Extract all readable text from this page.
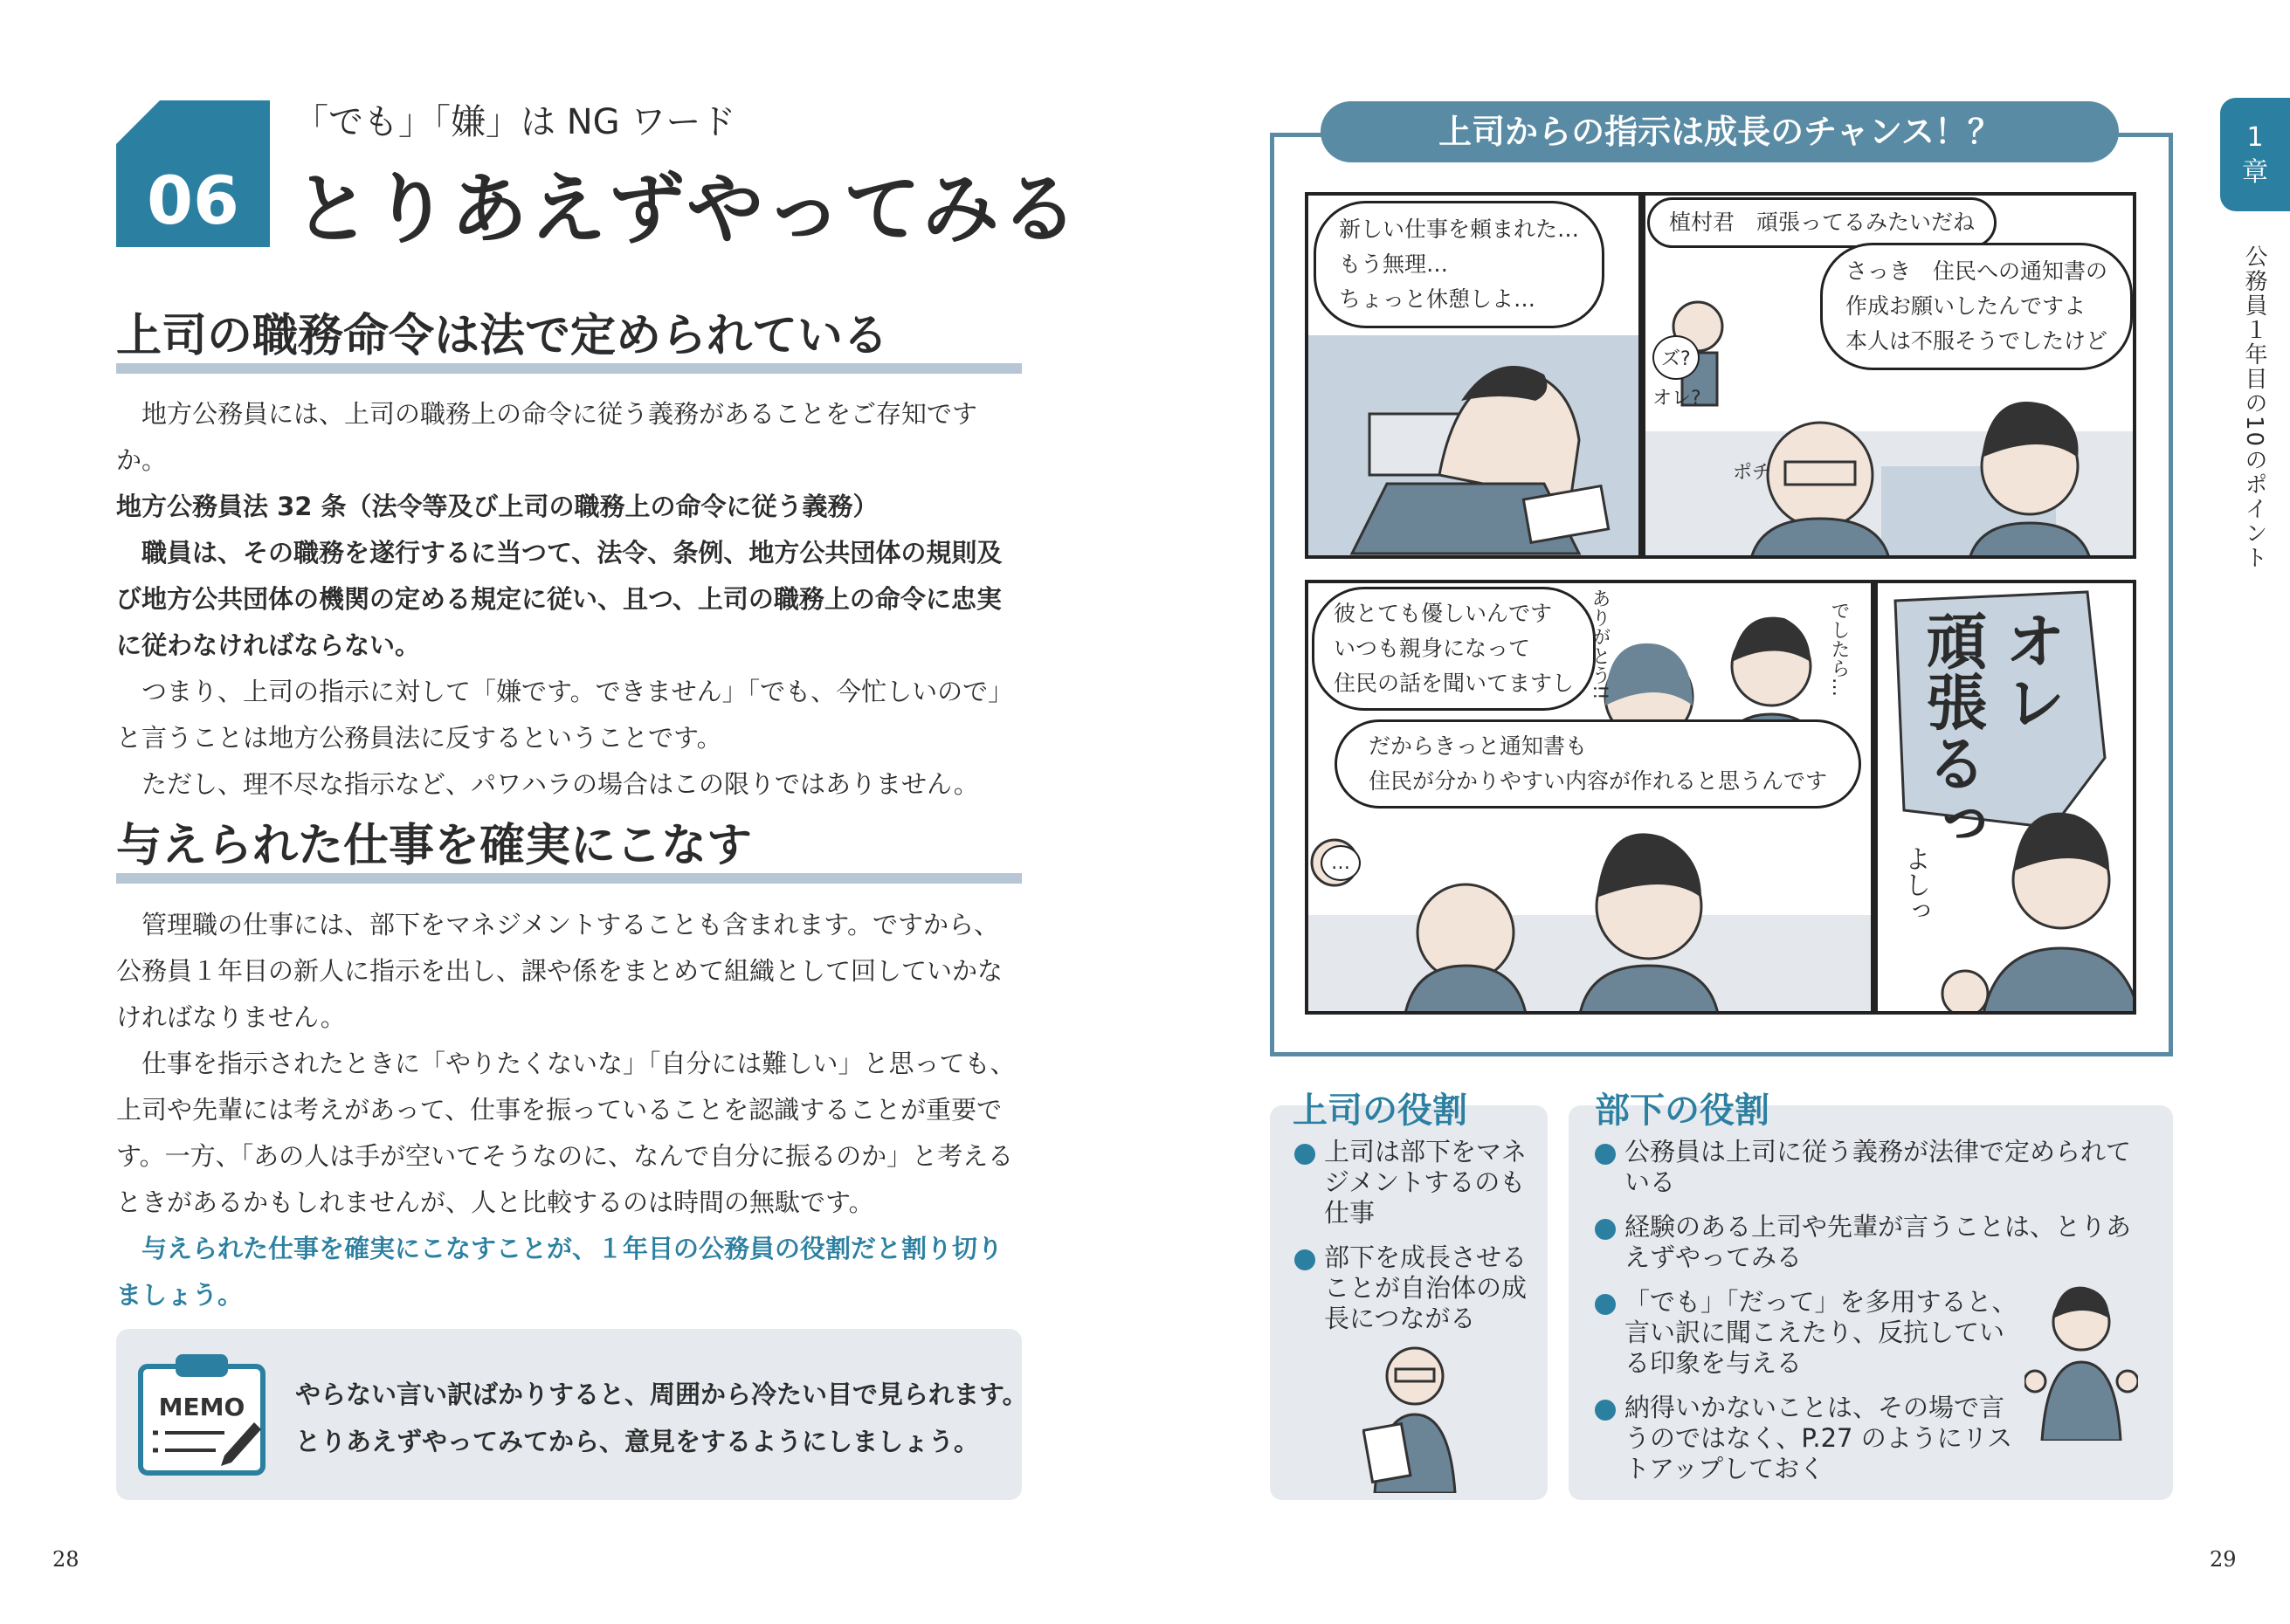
06
「でも」「嫌」は NG ワード
とりあえずやってみる
上司の職務命令は法で定められている

地方公務員には、上司の職務上の命令に従う義務があることをご存知ですか。

地方公務員法 32 条（法令等及び上司の職務上の命令に従う義務）

職員は、その職務を遂行するに当つて、法令、条例、地方公共団体の規則及び地方公共団体の機関の定める規定に従い、且つ、上司の職務上の命令に忠実に従わなければならない。

つまり、上司の指示に対して「嫌です。できません」「でも、今忙しいので」と言うことは地方公務員法に反するということです。

ただし、理不尽な指示など、パワハラの場合はこの限りではありません。

与えられた仕事を確実にこなす

管理職の仕事には、部下をマネジメントすることも含まれます。ですから、公務員１年目の新人に指示を出し、課や係をまとめて組織として回していかなければなりません。

仕事を指示されたときに「やりたくないな」「自分には難しい」と思っても、上司や先輩には考えがあって、仕事を振っていることを認識することが重要です。一方、「あの人は手が空いてそうなのに、なんで自分に振るのか」と考えるときがあるかもしれませんが、人と比較するのは時間の無駄です。

与えられた仕事を確実にこなすことが、１年目の公務員の役割だと割り切りましょう。

MEMO やらない言い訳ばかりすると、周囲から冷たい目で見られます。
とりあえずやってみてから、意見をするようにしましょう。
28
上司からの指示は成長のチャンス！？
新しい仕事を頼まれた…
もう無理…
ちょっと休憩しよ…
植村君　頑張ってるみたいだね
さっき　住民への通知書の
作成お願いしたんですよ
本人は不服そうでしたけど
ズ?
オレ?
ポチ
彼とても優しいんです
いつも親身になって
住民の話を聞いてますし
だからきっと通知書も
住民が分かりやすい内容が作れると思うんです
ありがとう!!	でしたら…
…
オレ
頑張るっ
よしっ
1
章
公務員１年目の10のポイント
上司の役割
上司は部下をマネジメントするのも仕事
部下を成長させることが自治体の成長につながる
部下の役割
公務員は上司に従う義務が法律で定められている
経験のある上司や先輩が言うことは、とりあえずやってみる
「でも」「だって」を多用すると、言い訳に聞こえたり、反抗している印象を与える
納得いかないことは、その場で言うのではなく、P.27 のようにリストアップしておく
29
